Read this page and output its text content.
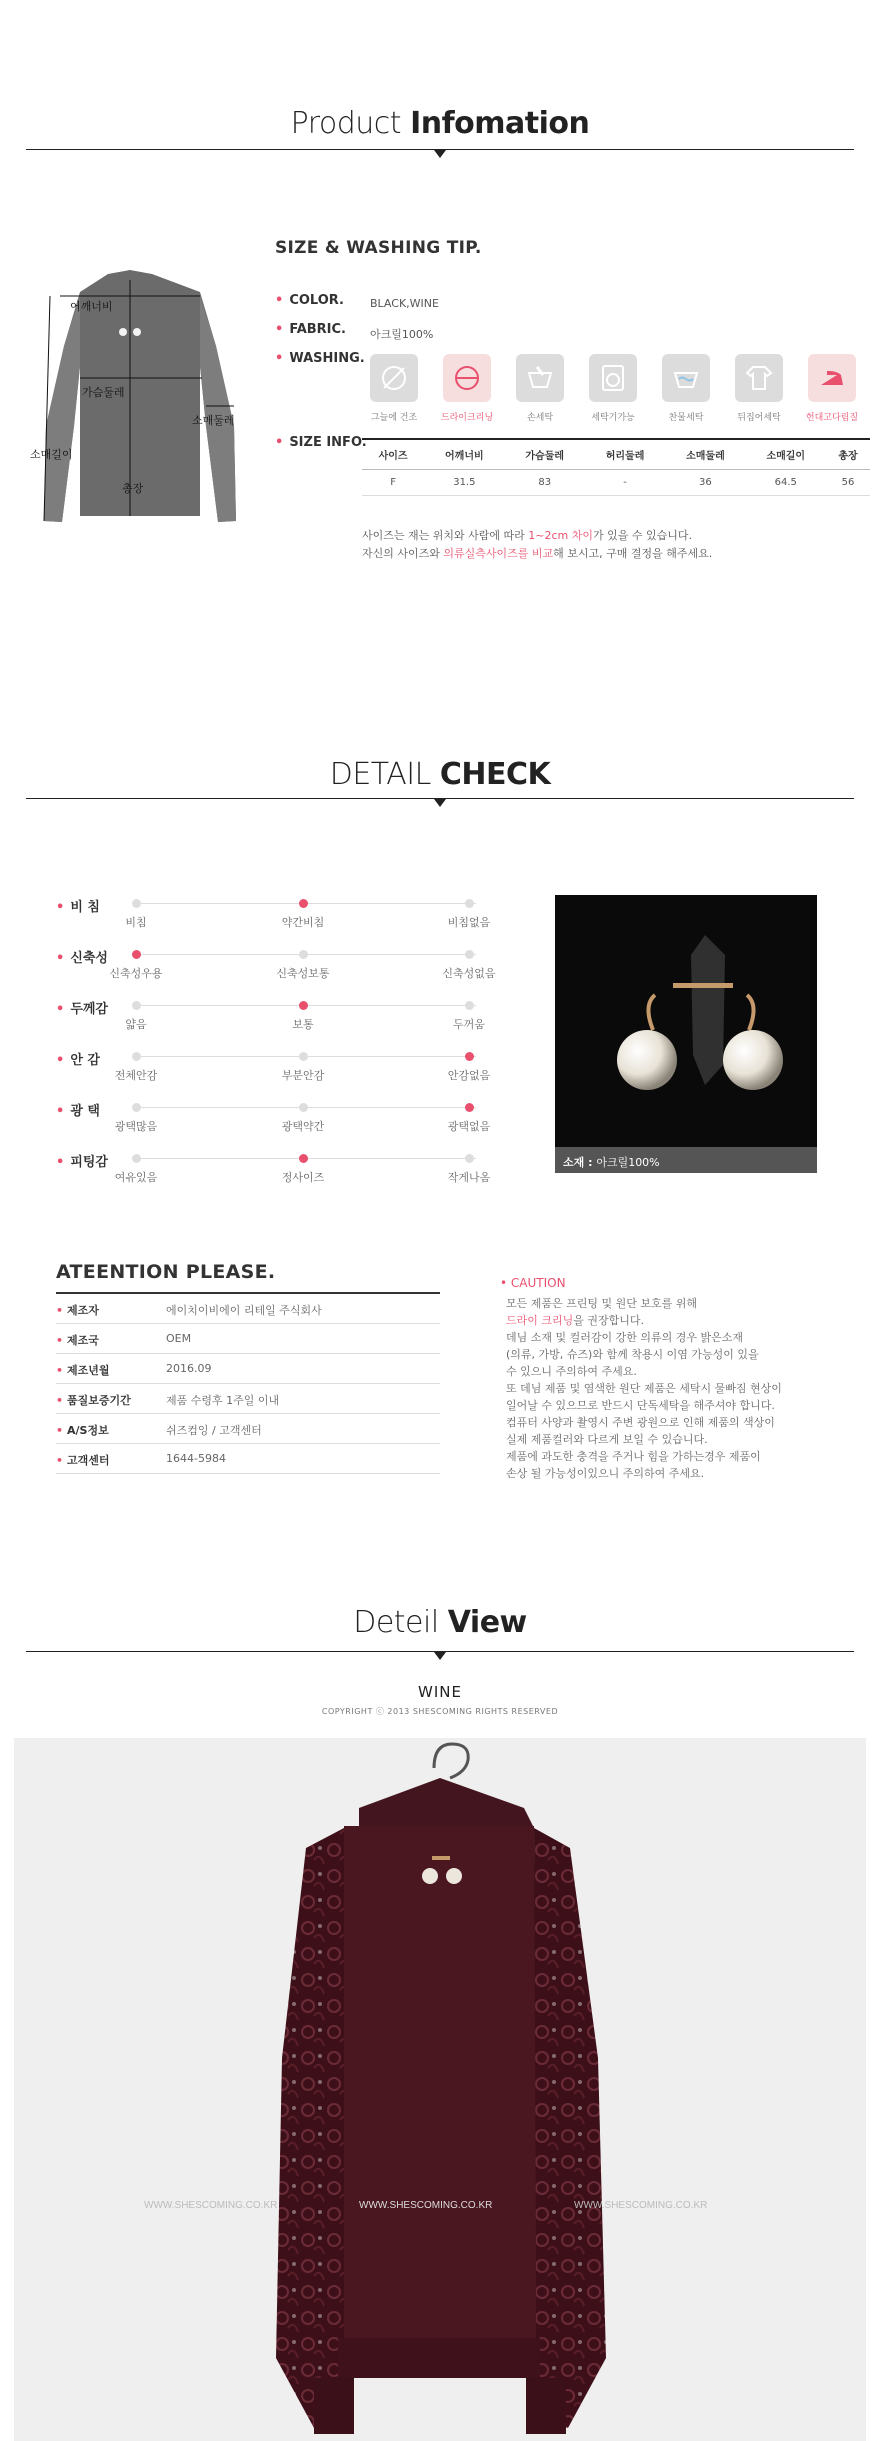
Product Infomation
어깨너비
가슴둘레
소매둘레
소매길이
총장
SIZE & WASHING TIP.
• COLOR. BLACK,WINE
• FABRIC. 아크릴100%
• WASHING.
그늘에 건조	드라이크리닝	손세탁	세탁기가능	찬물세탁	뒤집어세탁	헌대고다림질
• SIZE INFO.
사이즈	어깨너비	가슴둘레	허리둘레	소매둘레	소매길이	총장
F	31.5	83	-	36	64.5	56
사이즈는 재는 위치와 사람에 따라 1~2cm 차이가 있을 수 있습니다.
자신의 사이즈와 의류실측사이즈를 비교해 보시고, 구매 결정을 해주세요.
DETAIL CHECK
• 비 침
비침	약간비침	비침없음
• 신축성
신축성우용	신축성보통	신축성없음
• 두께감
얇음	보통	두꺼움
• 안 감
전체안감	부분안감	안감없음
• 광 택
광택많음	광택약간	광택없음
• 피팅감
여유있음	정사이즈	작게나옴
소재 : 아크릴100%
ATEENTION PLEASE.
• 제조자	에이치이비에이 리테일 주식회사
• 제조국	OEM
• 제조년월	2016.09
• 품질보증기간	제품 수령후 1주일 이내
• A/S정보	쉬즈컴잉 / 고객센터
• 고객센터	1644-5984
• CAUTION
모든 제품은 프린팅 및 원단 보호를 위해
드라이 크리닝을 권장합니다.
데님 소재 및 컬러감이 강한 의류의 경우 밝은소재
(의류, 가방, 슈즈)와 함께 착용시 이염 가능성이 있을
수 있으니 주의하여 주세요.
또 데님 제품 및 염색한 원단 제품은 세탁시 물빠짐 현상이
일어날 수 있으므로 반드시 단독세탁을 해주셔야 합니다.
컴퓨터 사양과 촬영시 주변 광원으로 인해 제품의 색상이
실제 제품컬러와 다르게 보일 수 있습니다.
제품에 과도한 충격을 주거나 힘을 가하는경우 제품이
손상 될 가능성이있으니 주의하여 주세요.
Deteil View
WINE
COPYRIGHT ⓒ 2013 SHESCOMING RIGHTS RESERVED
WWW.SHESCOMING.CO.KR	WWW.SHESCOMING.CO.KR	WWW.SHESCOMING.CO.KR
